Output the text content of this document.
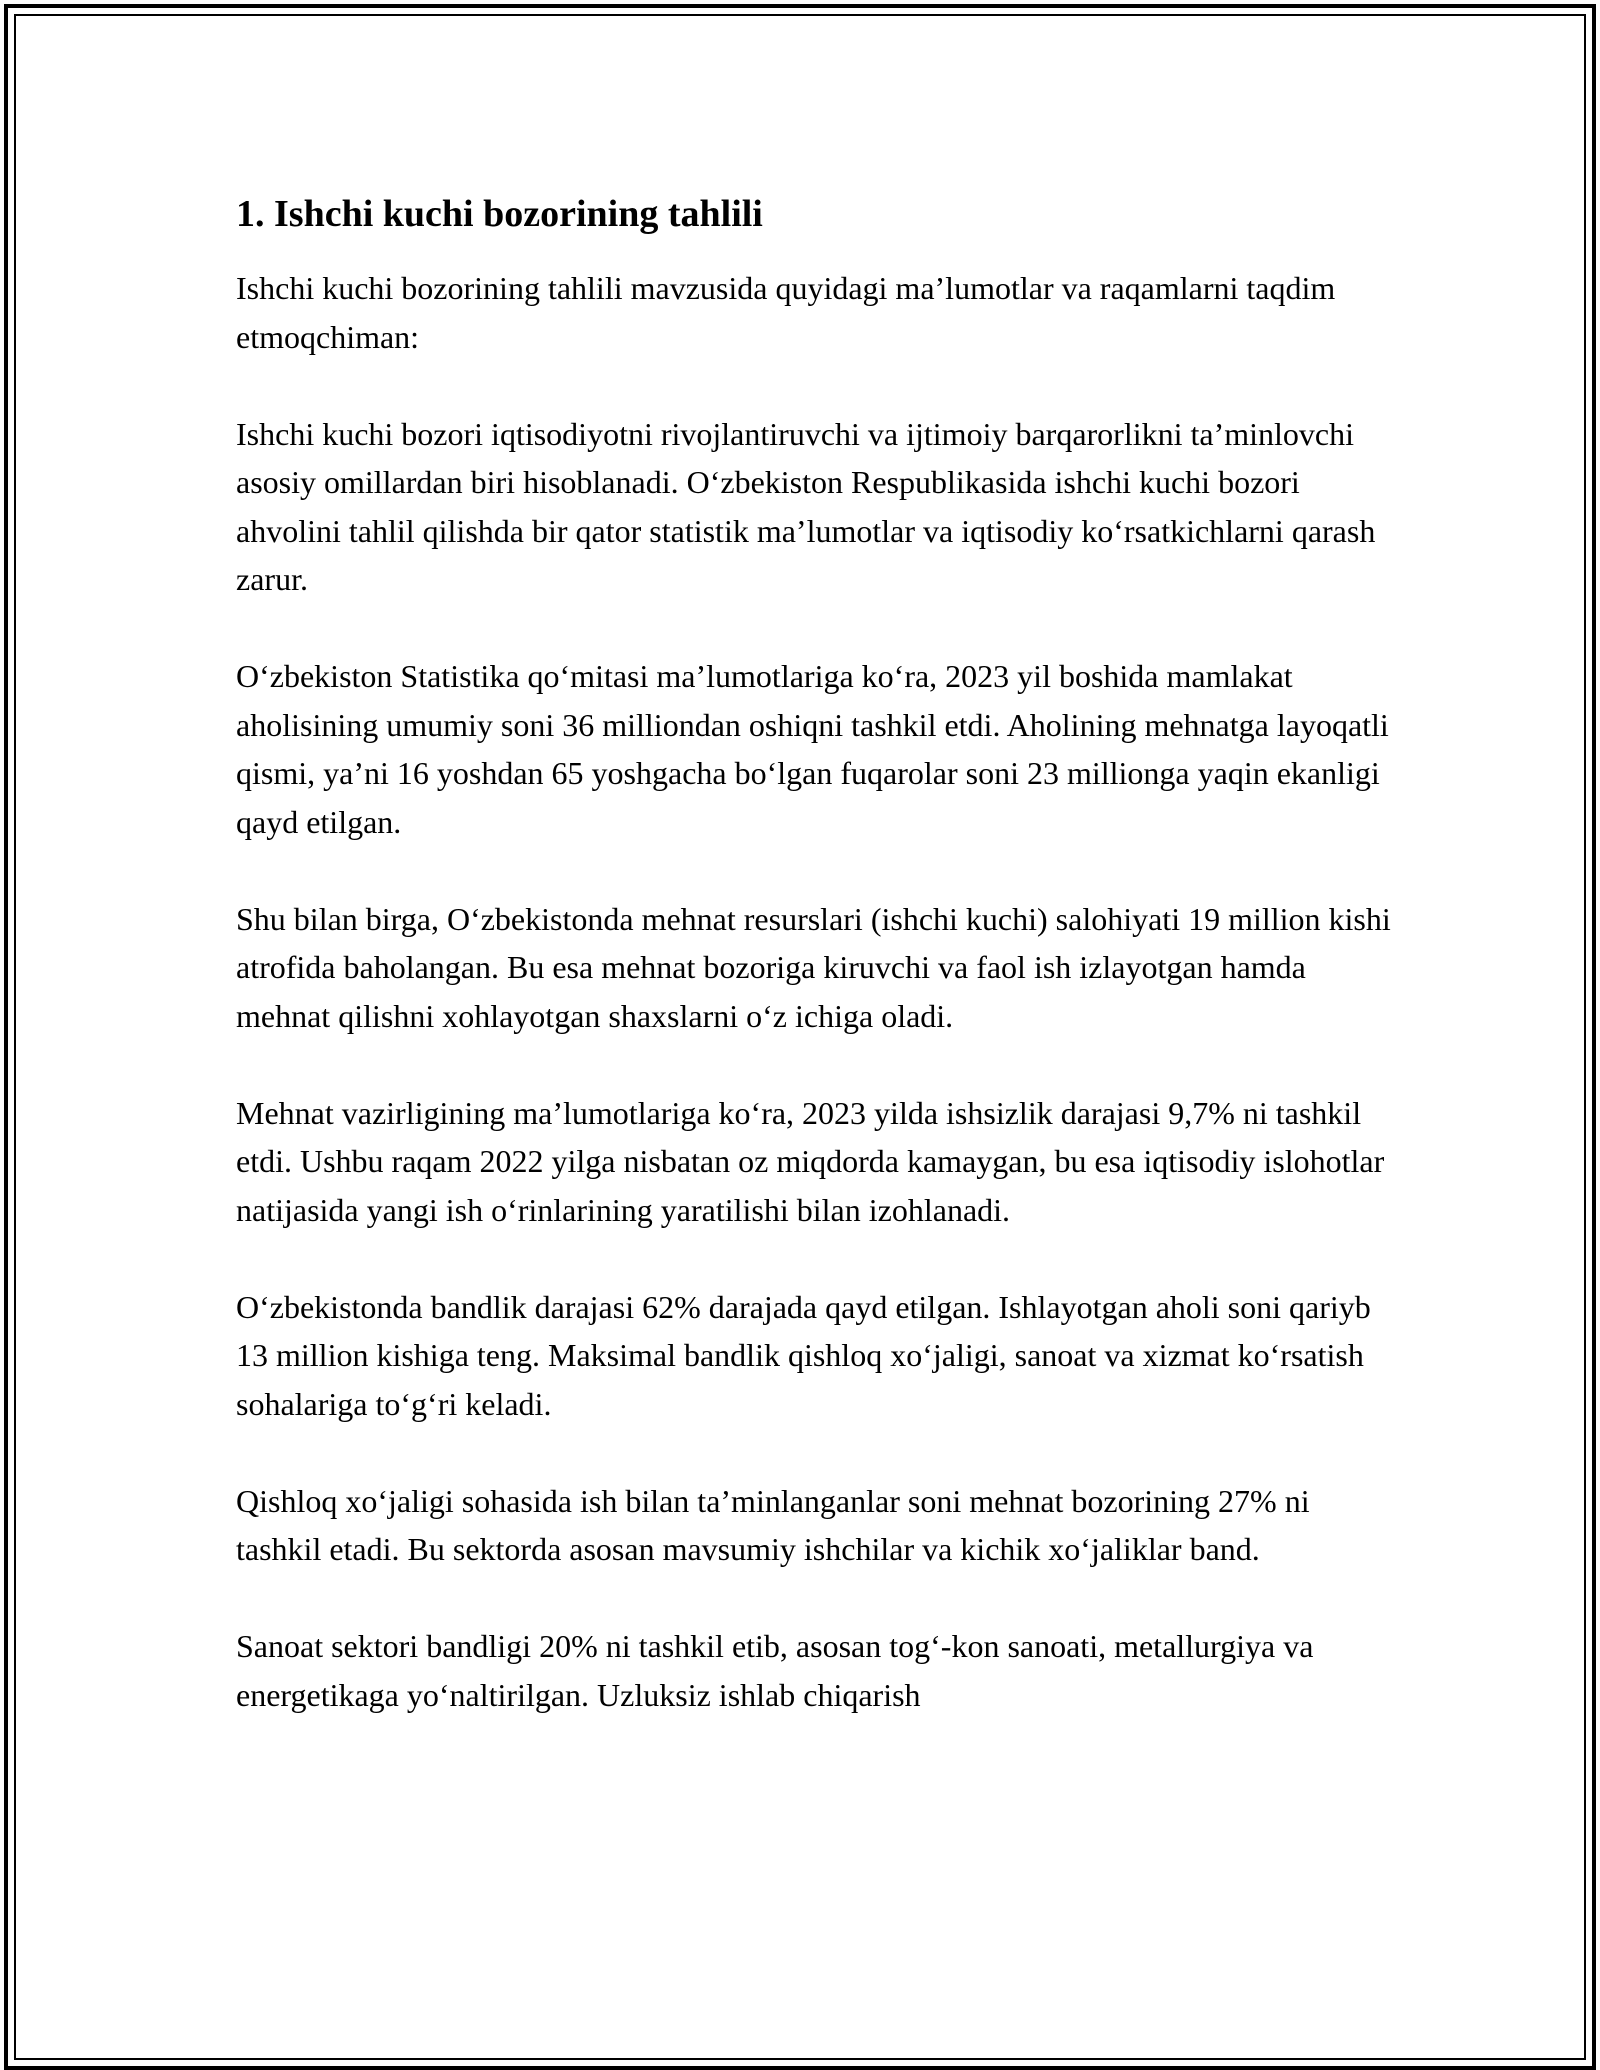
1. Ishchi kuchi bozorining tahlili

Ishchi kuchi bozorining tahlili mavzusida quyidagi ma’lumotlar va raqamlarni taqdim etmoqchiman:

Ishchi kuchi bozori iqtisodiyotni rivojlantiruvchi va ijtimoiy barqarorlikni ta’minlovchi asosiy omillardan biri hisoblanadi. O‘zbekiston Respublikasida ishchi kuchi bozori ahvolini tahlil qilishda bir qator statistik ma’lumotlar va iqtisodiy ko‘rsatkichlarni qarash zarur.

O‘zbekiston Statistika qo‘mitasi ma’lumotlariga ko‘ra, 2023 yil boshida mamlakat aholisining umumiy soni 36 milliondan oshiqni tashkil etdi. Aholining mehnatga layoqatli qismi, ya’ni 16 yoshdan 65 yoshgacha bo‘lgan fuqarolar soni 23 millionga yaqin ekanligi qayd etilgan.

Shu bilan birga, O‘zbekistonda mehnat resurslari (ishchi kuchi) salohiyati 19 million kishi atrofida baholangan. Bu esa mehnat bozoriga kiruvchi va faol ish izlayotgan hamda mehnat qilishni xohlayotgan shaxslarni o‘z ichiga oladi.

Mehnat vazirligining ma’lumotlariga ko‘ra, 2023 yilda ishsizlik darajasi 9,7% ni tashkil etdi. Ushbu raqam 2022 yilga nisbatan oz miqdorda kamaygan, bu esa iqtisodiy islohotlar natijasida yangi ish o‘rinlarining yaratilishi bilan izohlanadi.

O‘zbekistonda bandlik darajasi 62% darajada qayd etilgan. Ishlayotgan aholi soni qariyb 13 million kishiga teng. Maksimal bandlik qishloq xo‘jaligi, sanoat va xizmat ko‘rsatish sohalariga to‘g‘ri keladi.

Qishloq xo‘jaligi sohasida ish bilan ta’minlanganlar soni mehnat bozorining 27% ni tashkil etadi. Bu sektorda asosan mavsumiy ishchilar va kichik xo‘jaliklar band.

Sanoat sektori bandligi 20% ni tashkil etib, asosan tog‘-kon sanoati, metallurgiya va energetikaga yo‘naltirilgan. Uzluksiz ishlab chiqarish
